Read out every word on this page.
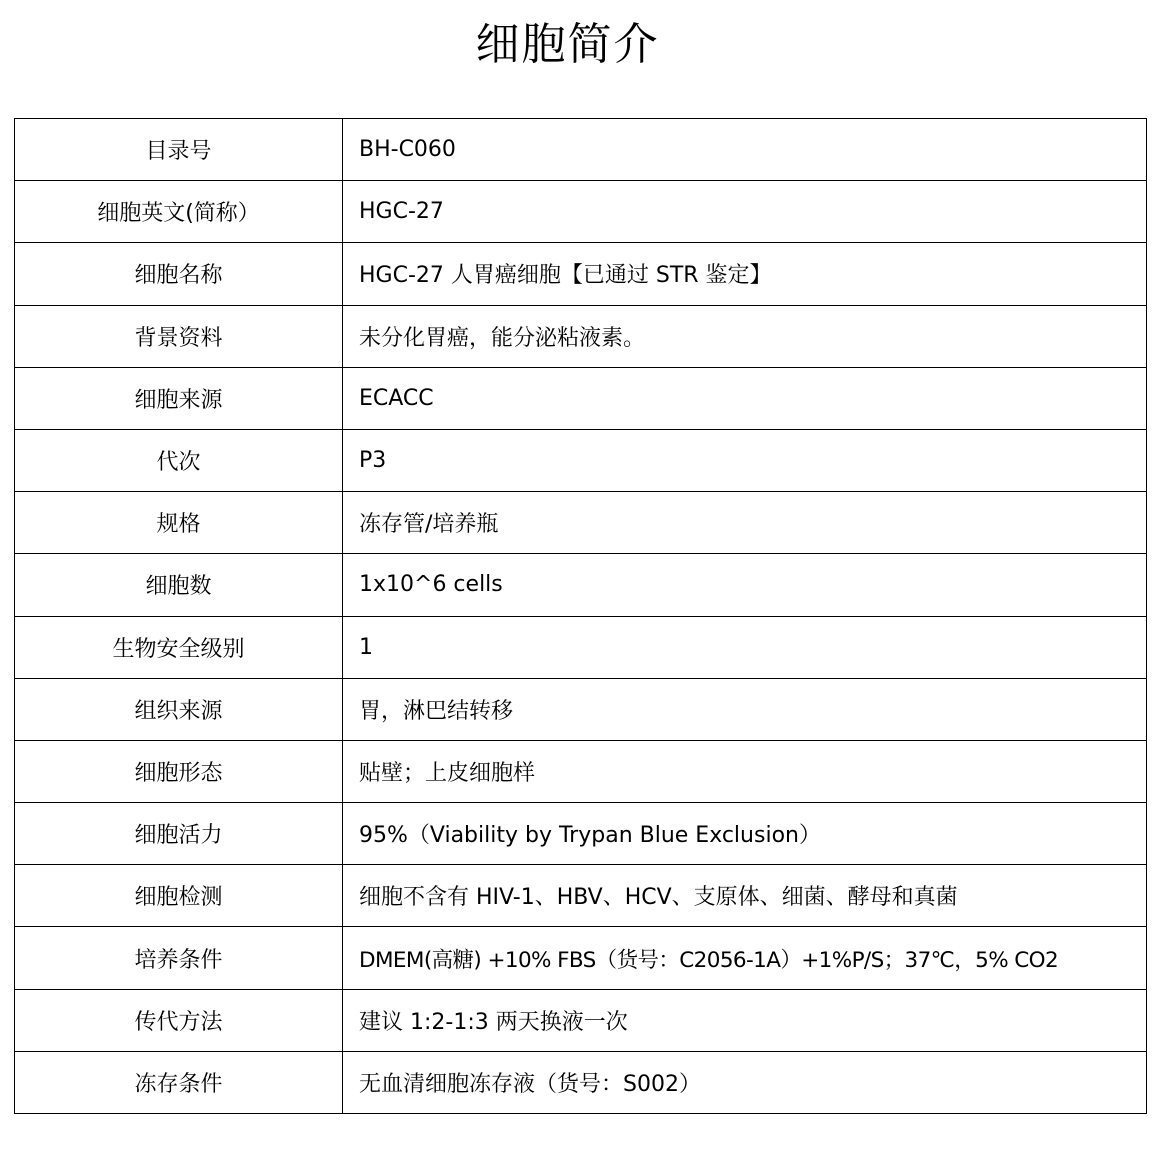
细胞简介
目录号	BH-C060
细胞英文(简称）	HGC-27
细胞名称	HGC-27 人胃癌细胞【已通过 STR 鉴定】
背景资料	未分化胃癌，能分泌粘液素。
细胞来源	ECACC
代次	P3
规格	冻存管/培养瓶
细胞数	1x10^6 cells
生物安全级别	1
组织来源	胃，淋巴结转移
细胞形态	贴壁；上皮细胞样
细胞活力	95%（Viability by Trypan Blue Exclusion）
细胞检测	细胞不含有 HIV-1、HBV、HCV、支原体、细菌、酵母和真菌
培养条件	DMEM(高糖) +10% FBS（货号：C2056-1A）+1%P/S；37℃，5% CO2
传代方法	建议 1:2-1:3 两天换液一次
冻存条件	无血清细胞冻存液（货号：S002）
